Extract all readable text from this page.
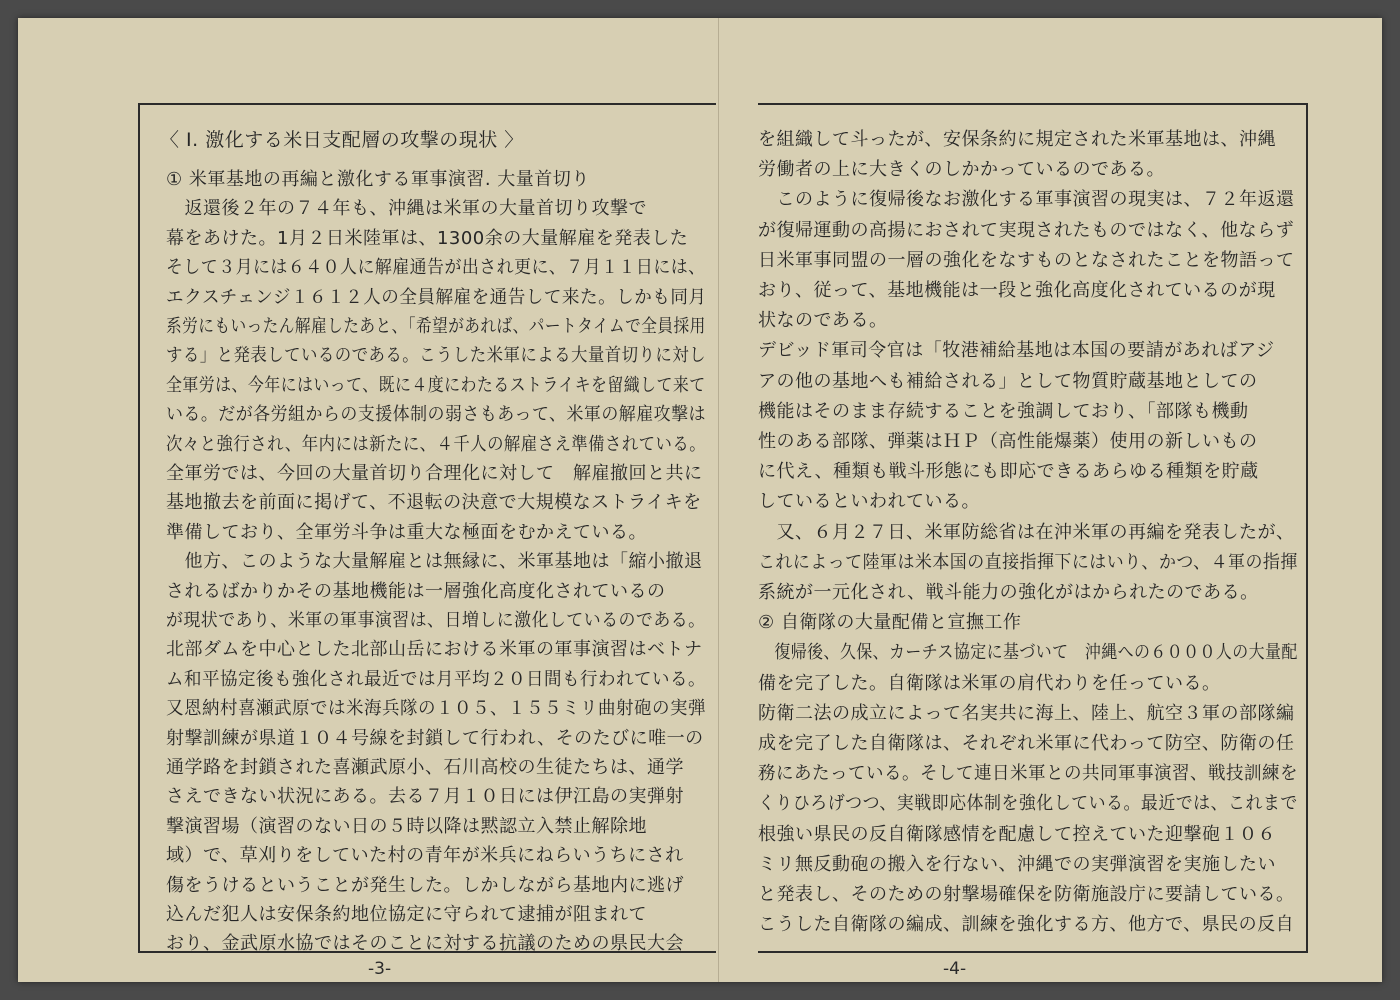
〈 I. 激化する米日支配層の攻撃の現状 〉
① 米軍基地の再編と激化する軍事演習. 大量首切り
　返還後２年の７４年も、沖縄は米軍の大量首切り攻撃で
幕をあけた。1月２日米陸軍は、1300余の大量解雇を発表した
そして３月には６４０人に解雇通告が出され更に、７月１１日には、
エクスチェンジ１６１２人の全員解雇を通告して来た。しかも同月
系労にもいったん解雇したあと、「希望があれば、パートタイムで全員採用
する」と発表しているのである。こうした米軍による大量首切りに対し
全軍労は、今年にはいって、既に４度にわたるストライキを留織して来て
いる。だが各労組からの支援体制の弱さもあって、米軍の解雇攻撃は
次々と強行され、年内には新たに、４千人の解雇さえ準備されている。
全軍労では、今回の大量首切り合理化に対して　解雇撤回と共に
基地撤去を前面に掲げて、不退転の決意で大規模なストライキを
準備しており、全軍労斗争は重大な極面をむかえている。
　他方、このような大量解雇とは無縁に、米軍基地は「縮小撤退
されるばかりかその基地機能は一層強化高度化されているの
が現状であり、米軍の軍事演習は、日増しに激化しているのである。
北部ダムを中心とした北部山岳における米軍の軍事演習はベトナ
ム和平協定後も強化され最近では月平均２０日間も行われている。
又恩納村喜瀬武原では米海兵隊の１０５、１５５ミリ曲射砲の実弾
射撃訓練が県道１０４号線を封鎖して行われ、そのたびに唯一の
通学路を封鎖された喜瀬武原小、石川高校の生徒たちは、通学
さえできない状況にある。去る７月１０日には伊江島の実弾射
撃演習場（演習のない日の５時以降は黙認立入禁止解除地
域）で、草刈りをしていた村の青年が米兵にねらいうちにされ
傷をうけるということが発生した。しかしながら基地内に逃げ
込んだ犯人は安保条約地位協定に守られて逮捕が阻まれて
おり、金武原水協ではそのことに対する抗議のための県民大会
-3-
を組織して斗ったが、安保条約に規定された米軍基地は、沖縄
労働者の上に大きくのしかかっているのである。
　このように復帰後なお激化する軍事演習の現実は、７２年返還
が復帰運動の高揚におされて実現されたものではなく、他ならず
日米軍事同盟の一層の強化をなすものとなされたことを物語って
おり、従って、基地機能は一段と強化高度化されているのが現
状なのである。
デビッド軍司令官は「牧港補給基地は本国の要請があればアジ
アの他の基地へも補給される」として物質貯蔵基地としての
機能はそのまま存続することを強調しており、「部隊も機動
性のある部隊、弾薬はＨＰ（高性能爆薬）使用の新しいもの
に代え、種類も戦斗形態にも即応できるあらゆる種類を貯蔵
しているといわれている。
　又、６月２７日、米軍防総省は在沖米軍の再編を発表したが、
これによって陸軍は米本国の直接指揮下にはいり、かつ、４軍の指揮
系統が一元化され、戦斗能力の強化がはかられたのである。
② 自衛隊の大量配備と宣撫工作
　復帰後、久保、カーチス協定に基づいて　沖縄への６０００人の大量配
備を完了した。自衛隊は米軍の肩代わりを任っている。
防衛二法の成立によって名実共に海上、陸上、航空３軍の部隊編
成を完了した自衛隊は、それぞれ米軍に代わって防空、防衛の任
務にあたっている。そして連日米軍との共同軍事演習、戦技訓練を
くりひろげつつ、実戦即応体制を強化している。最近では、これまで
根強い県民の反自衛隊感情を配慮して控えていた迎撃砲１０６
ミリ無反動砲の搬入を行ない、沖縄での実弾演習を実施したい
と発表し、そのための射撃場確保を防衛施設庁に要請している。
こうした自衛隊の編成、訓練を強化する方、他方で、県民の反自
-4-
